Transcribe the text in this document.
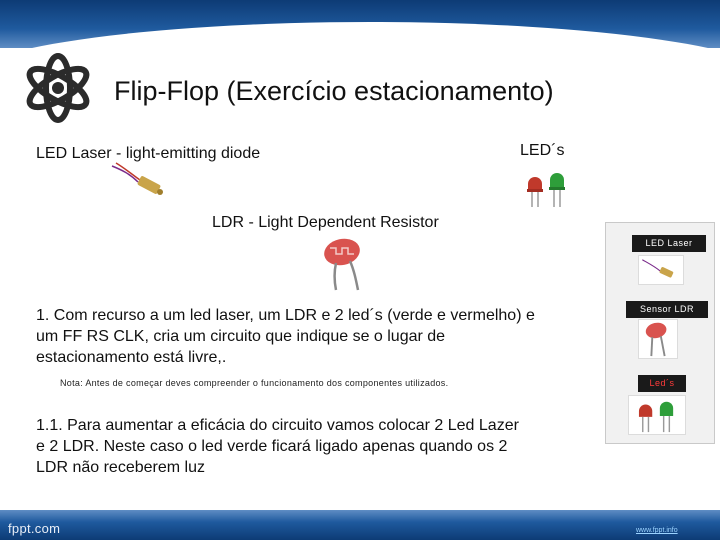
Flip-Flop (Exercício estacionamento)
LED Laser - light-emitting diode	LED´s
LDR - Light Dependent Resistor
1. Com recurso a um led laser, um LDR e 2 led´s (verde e vermelho) e
um FF RS CLK, cria um circuito que indique se o lugar de
estacionamento está livre,.
Nota: Antes de começar deves compreender o funcionamento dos componentes utilizados.
1.1. Para aumentar a eficácia do circuito vamos colocar 2 Led Lazer
e 2 LDR. Neste caso o led verde ficará ligado apenas quando os 2
LDR não receberem luz
LED Laser
Sensor LDR
Led´s
fppt.com	www.fppt.info
